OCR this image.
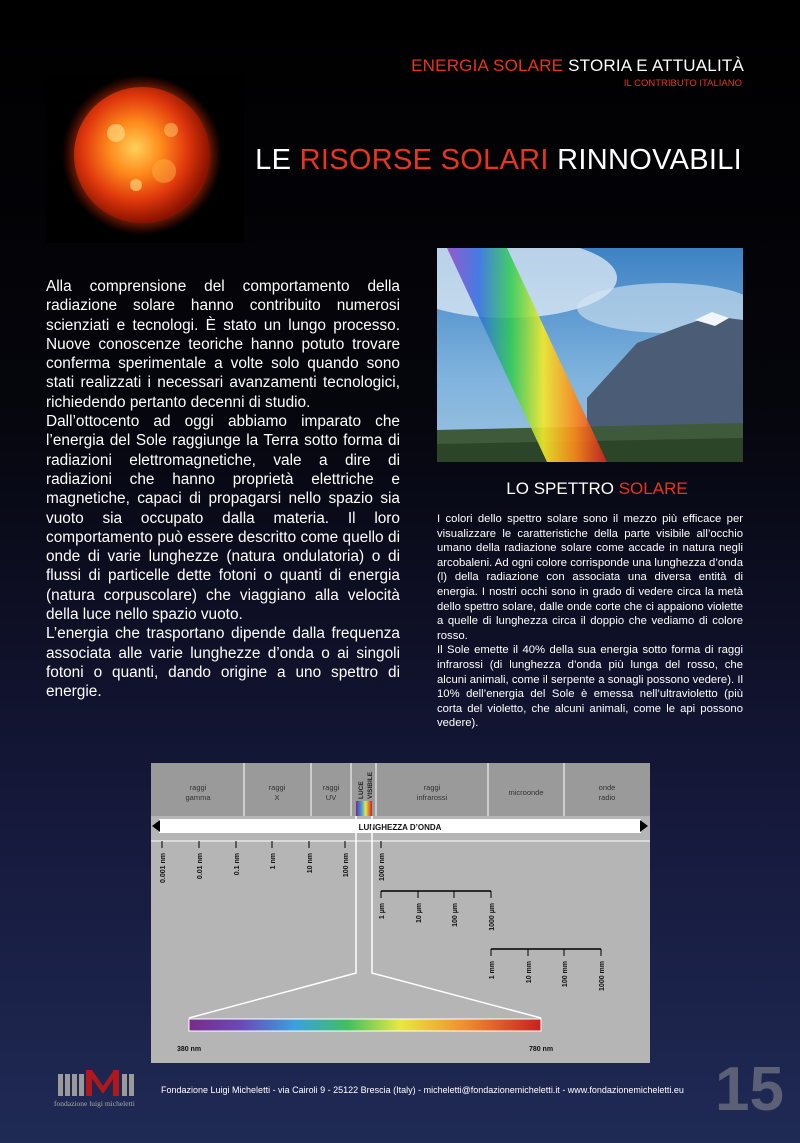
ENERGIA SOLARE STORIA E ATTUALITÀ
IL CONTRIBUTO ITALIANO
LE RISORSE SOLARI RINNOVABILI

Alla comprensione del comportamento della radiazione solare hanno contribuito numerosi scienziati e tecnologi. È stato un lungo processo. Nuove conoscenze teoriche hanno potuto trovare conferma sperimentale a volte solo quando sono stati realizzati i necessari avanzamenti tecnologici, richiedendo pertanto decenni di studio.

Dall’ottocento ad oggi abbiamo imparato che l’energia del Sole raggiunge la Terra sotto forma di radiazioni elettromagnetiche, vale a dire di radiazioni che hanno proprietà elettriche e magnetiche, capaci di propagarsi nello spazio sia vuoto sia occupato dalla materia. Il loro comportamento può essere descritto come quello di onde di varie lunghezze (natura ondulatoria) o di flussi di particelle dette fotoni o quanti di energia (natura corpuscolare) che viaggiano alla velocità della luce nello spazio vuoto.

L’energia che trasportano dipende dalla frequenza associata alle varie lunghezze d’onda o ai singoli fotoni o quanti, dando origine a uno spettro di energie.

LO SPETTRO SOLARE

I colori dello spettro solare sono il mezzo più efficace per visualizzare le caratteristiche della parte visibile all’occhio umano della radiazione solare come accade in natura negli arcobaleni. Ad ogni colore corrisponde una lunghezza d’onda (l) della radiazione con associata una diversa entità di energia. I nostri occhi sono in grado di vedere circa la metà dello spettro solare, dalle onde corte che ci appaiono violette a quelle di lunghezza circa il doppio che vediamo di colore rosso.

Il Sole emette il 40% della sua energia sotto forma di raggi infrarossi (di lunghezza d’onda più lunga del rosso, che alcuni animali, come il serpente a sonagli possono vedere). Il 10% dell’energia del Sole è emessa nell’ultravioletto (più corta del violetto, che alcuni animali, come le api possono vedere).

raggi
gamma
raggi
X
raggi
UV
raggi
infrarossi
microonde
onde
radio
LUCE VISIBILE
LUNGHEZZA D’ONDA
0.001 nm	0.01 nm	0.1 nm	1 nm	10 nm	100 nm	1000 nm
1 µm	10 µm	100 µm	1000 µm
1 mm	10 mm	100 mm	1000 mm
380 nm	780 nm
fondazione luigi micheletti
Fondazione Luigi Micheletti - via Cairoli 9 - 25122 Brescia (Italy) - micheletti@fondazionemicheletti.it - www.fondazionemicheletti.eu 15
